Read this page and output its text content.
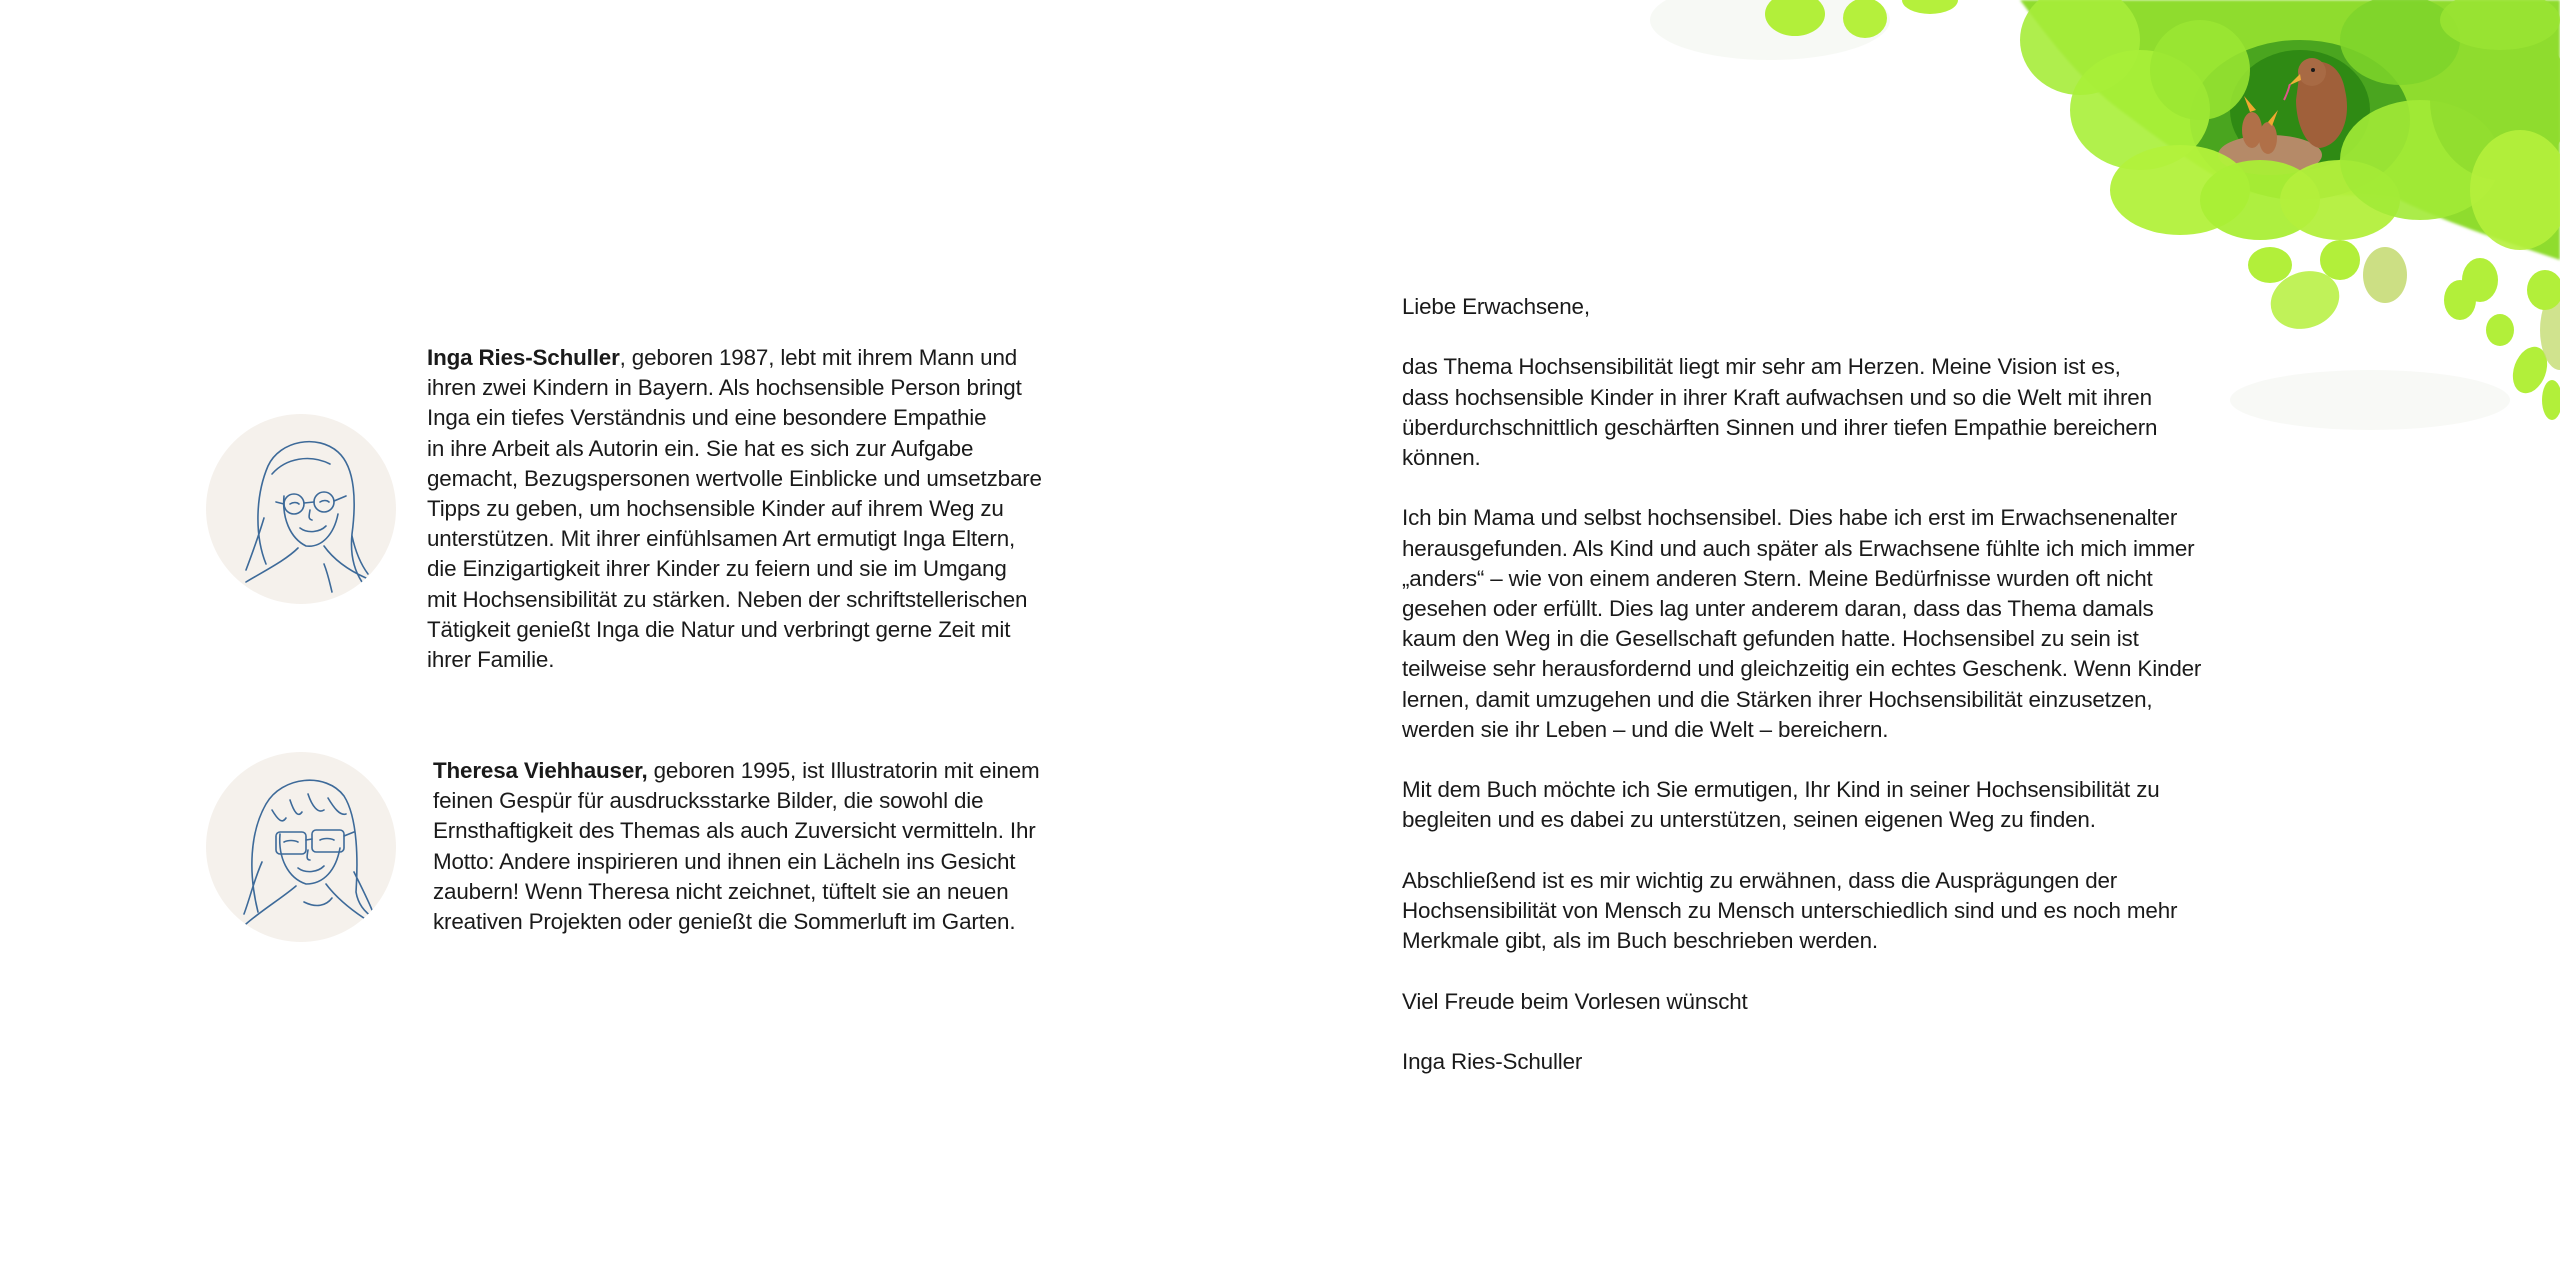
Inga Ries-Schuller, geboren 1987, lebt mit ihrem Mann und
ihren zwei Kindern in Bayern. Als hochsensible Person bringt
Inga ein tiefes Verständnis und eine besondere Empathie
in ihre Arbeit als Autorin ein. Sie hat es sich zur Aufgabe
gemacht, Bezugspersonen wertvolle Einblicke und umsetzbare
Tipps zu geben, um hochsensible Kinder auf ihrem Weg zu
unterstützen. Mit ihrer einfühlsamen Art ermutigt Inga Eltern,
die Einzigartigkeit ihrer Kinder zu feiern und sie im Umgang
mit Hochsensibilität zu stärken. Neben der schriftstellerischen
Tätigkeit genießt Inga die Natur und verbringt gerne Zeit mit
ihrer Familie.
Theresa Viehhauser, geboren 1995, ist Illustratorin mit einem
feinen Gespür für ausdrucksstarke Bilder, die sowohl die
Ernsthaftigkeit des Themas als auch Zuversicht vermitteln. Ihr
Motto: Andere inspirieren und ihnen ein Lächeln ins Gesicht
zaubern! Wenn Theresa nicht zeichnet, tüftelt sie an neuen
kreativen Projekten oder genießt die Sommerluft im Garten.

Liebe Erwachsene,

das Thema Hochsensibilität liegt mir sehr am Herzen. Meine Vision ist es,
dass hochsensible Kinder in ihrer Kraft aufwachsen und so die Welt mit ihren
überdurchschnittlich geschärften Sinnen und ihrer tiefen Empathie bereichern
können.

Ich bin Mama und selbst hochsensibel. Dies habe ich erst im Erwachsenenalter
herausgefunden. Als Kind und auch später als Erwachsene fühlte ich mich immer
„anders“ – wie von einem anderen Stern. Meine Bedürfnisse wurden oft nicht
gesehen oder erfüllt. Dies lag unter anderem daran, dass das Thema damals
kaum den Weg in die Gesellschaft gefunden hatte. Hochsensibel zu sein ist
teilweise sehr herausfordernd und gleichzeitig ein echtes Geschenk. Wenn Kinder
lernen, damit umzugehen und die Stärken ihrer Hochsensibilität einzusetzen,
werden sie ihr Leben – und die Welt – bereichern.

Mit dem Buch möchte ich Sie ermutigen, Ihr Kind in seiner Hochsensibilität zu
begleiten und es dabei zu unterstützen, seinen eigenen Weg zu finden.

Abschließend ist es mir wichtig zu erwähnen, dass die Ausprägungen der
Hochsensibilität von Mensch zu Mensch unterschiedlich sind und es noch mehr
Merkmale gibt, als im Buch beschrieben werden.

Viel Freude beim Vorlesen wünscht

Inga Ries-Schuller
